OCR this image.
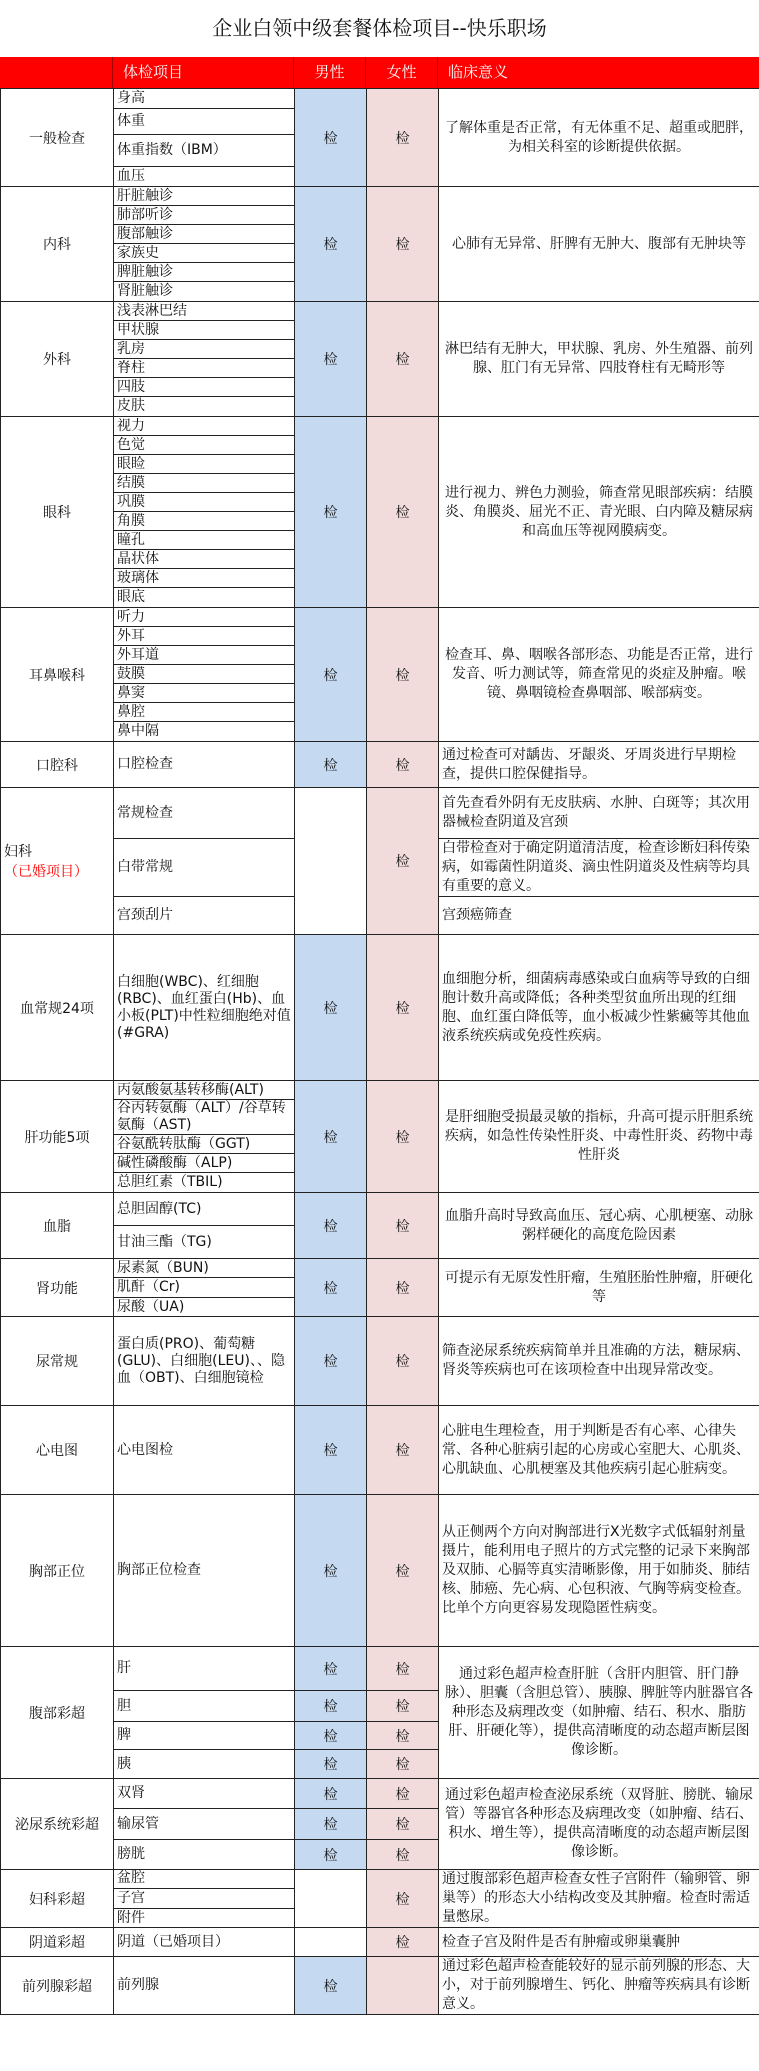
企业白领中级套餐体检项目--快乐职场
体检项目	男性	女性	临床意义
一般检查	身高	检	检	了解体重是否正常，有无体重不足、超重或肥胖，为相关科室的诊断提供依据。
	体重			
	体重指数（IBM）			
	血压			
内科	肝脏触诊	检	检	心肺有无异常、肝脾有无肿大、腹部有无肿块等
	肺部听诊			
	腹部触诊			
	家族史			
	脾脏触诊			
	肾脏触诊			
外科	浅表淋巴结	检	检	淋巴结有无肿大，甲状腺、乳房、外生殖器、前列腺、肛门有无异常、四肢脊柱有无畸形等
	甲状腺			
	乳房			
	脊柱			
	四肢			
	皮肤			
眼科	视力	检	检	进行视力、辨色力测验，筛查常见眼部疾病：结膜炎、角膜炎、屈光不正、青光眼、白内障及糖尿病和高血压等视网膜病变。
	色觉			
	眼睑			
	结膜			
	巩膜			
	角膜			
	瞳孔			
	晶状体			
	玻璃体			
	眼底			
耳鼻喉科	听力	检	检	检查耳、鼻、咽喉各部形态、功能是否正常，进行发音、听力测试等，筛查常见的炎症及肿瘤。喉镜、鼻咽镜检查鼻咽部、喉部病变。
	外耳			
	外耳道			
	鼓膜			
	鼻窦			
	鼻腔			
	鼻中隔			
口腔科	口腔检查	检	检	通过检查可对龋齿、牙龈炎、牙周炎进行早期检查，提供口腔保健指导。
妇科（已婚项目）	常规检查		检	首先查看外阴有无皮肤病、水肿、白斑等；其次用器械检查阴道及宫颈
	白带常规			白带检查对于确定阴道清洁度，检查诊断妇科传染病，如霉菌性阴道炎、滴虫性阴道炎及性病等均具有重要的意义。
	宫颈刮片			宫颈癌筛查
血常规24项	白细胞(WBC)、红细胞(RBC)、血红蛋白(Hb)、血小板(PLT)中性粒细胞绝对值(#GRA)	检	检	血细胞分析，细菌病毒感染或白血病等导致的白细胞计数升高或降低；各种类型贫血所出现的红细胞、血红蛋白降低等，血小板减少性紫癜等其他血液系统疾病或免疫性疾病。
肝功能5项	丙氨酸氨基转移酶(ALT)	检	检	是肝细胞受损最灵敏的指标，升高可提示肝胆系统疾病，如急性传染性肝炎、中毒性肝炎、药物中毒性肝炎
	谷丙转氨酶（ALT）/谷草转氨酶（AST)			
	谷氨酰转肽酶（GGT)			
	碱性磷酸酶（ALP)			
	总胆红素（TBIL)			
血脂	总胆固醇(TC)	检	检	血脂升高时导致高血压、冠心病、心肌梗塞、动脉粥样硬化的高度危险因素
	甘油三酯（TG)			
肾功能	尿素氮（BUN)	检	检	可提示有无原发性肝瘤，生殖胚胎性肿瘤，肝硬化等
	肌酐（Cr)			
	尿酸（UA)			
尿常规	蛋白质(PRO)、葡萄糖(GLU)、白细胞(LEU)、、隐血（OBT)、白细胞镜检	检	检	筛查泌尿系统疾病简单并且准确的方法，糖尿病、肾炎等疾病也可在该项检查中出现异常改变。
心电图	心电图检	检	检	心脏电生理检查，用于判断是否有心率、心律失常、各种心脏病引起的心房或心室肥大、心肌炎、心肌缺血、心肌梗塞及其他疾病引起心脏病变。
胸部正位	胸部正位检查	检	检	从正侧两个方向对胸部进行X光数字式低辐射剂量摄片，能利用电子照片的方式完整的记录下来胸部及双肺、心膈等真实清晰影像，用于如肺炎、肺结核、肺癌、先心病、心包积液、气胸等病变检查。比单个方向更容易发现隐匿性病变。
腹部彩超	肝	检	检	通过彩色超声检查肝脏（含肝内胆管、肝门静脉）、胆囊（含胆总管）、胰腺、脾脏等内脏器官各种形态及病理改变（如肿瘤、结石、积水、脂肪肝、肝硬化等），提供高清晰度的动态超声断层图像诊断。
	胆	检	检	
	脾	检	检	
	胰	检	检	
泌尿系统彩超	双肾	检	检	通过彩色超声检查泌尿系统（双肾脏、膀胱、输尿管）等器官各种形态及病理改变（如肿瘤、结石、积水、增生等），提供高清晰度的动态超声断层图像诊断。
	输尿管	检	检	
	膀胱	检	检	
妇科彩超	盆腔		检	通过腹部彩色超声检查女性子宫附件（输卵管、卵巢等）的形态大小结构改变及其肿瘤。检查时需适量憋尿。
	子宫			
	附件			
阴道彩超	阴道（已婚项目）		检	检查子宫及附件是否有肿瘤或卵巢囊肿
前列腺彩超	前列腺	检		通过彩色超声检查能较好的显示前列腺的形态、大小，对于前列腺增生、钙化、肿瘤等疾病具有诊断意义。
